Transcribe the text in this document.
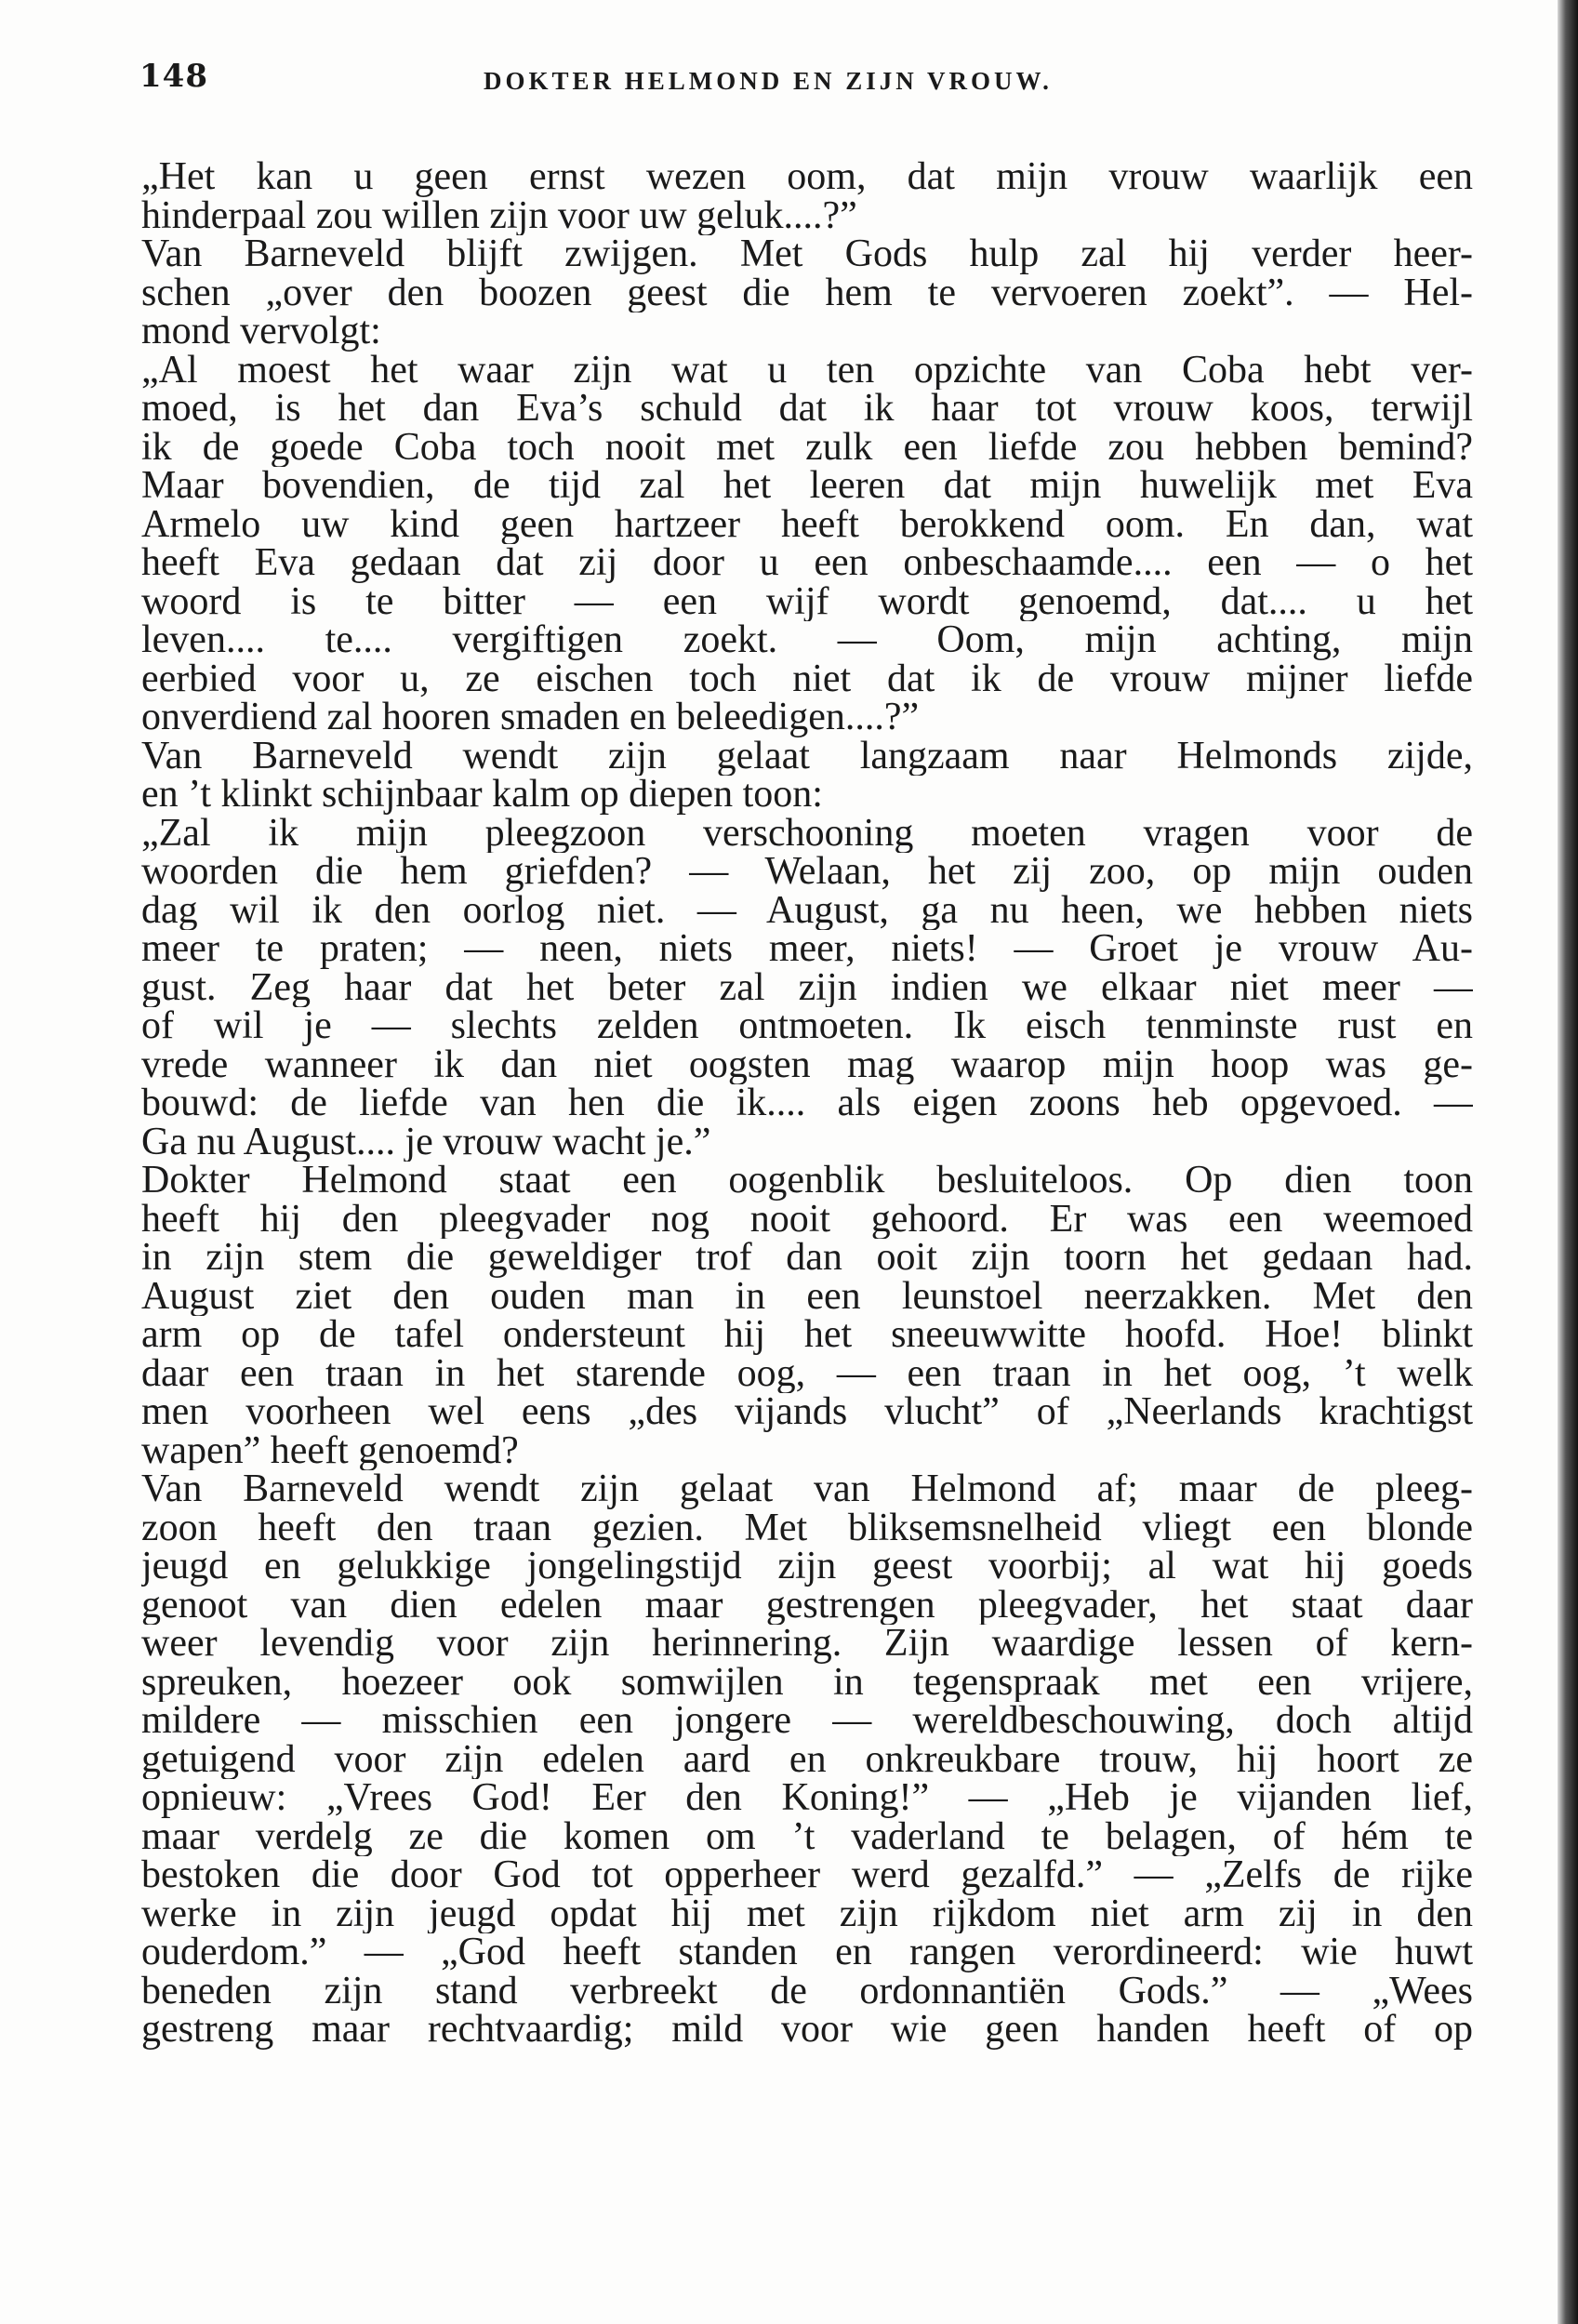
148	DOKTER HELMOND EN ZIJN VROUW.
„Het kan u geen ernst wezen oom, dat mijn vrouw waarlijk een
hinderpaal zou willen zijn voor uw geluk....?”
Van Barneveld blijft zwijgen. Met Gods hulp zal hij verder heer-
schen „over den boozen geest die hem te vervoeren zoekt”. — Hel-
mond vervolgt:
„Al moest het waar zijn wat u ten opzichte van Coba hebt ver-
moed, is het dan Eva’s schuld dat ik haar tot vrouw koos, terwijl
ik de goede Coba toch nooit met zulk een liefde zou hebben bemind?
Maar bovendien, de tijd zal het leeren dat mijn huwelijk met Eva
Armelo uw kind geen hartzeer heeft berokkend oom. En dan, wat
heeft Eva gedaan dat zij door u een onbeschaamde.... een — o het
woord is te bitter — een wijf wordt genoemd, dat.... u het
leven.... te.... vergiftigen zoekt. — Oom, mijn achting, mijn
eerbied voor u, ze eischen toch niet dat ik de vrouw mijner liefde
onverdiend zal hooren smaden en beleedigen....?”
Van Barneveld wendt zijn gelaat langzaam naar Helmonds zijde,
en ’t klinkt schijnbaar kalm op diepen toon:
„Zal ik mijn pleegzoon verschooning moeten vragen voor de
woorden die hem griefden? — Welaan, het zij zoo, op mijn ouden
dag wil ik den oorlog niet. — August, ga nu heen, we hebben niets
meer te praten; — neen, niets meer, niets! — Groet je vrouw Au-
gust. Zeg haar dat het beter zal zijn indien we elkaar niet meer —
of wil je — slechts zelden ontmoeten. Ik eisch tenminste rust en
vrede wanneer ik dan niet oogsten mag waarop mijn hoop was ge-
bouwd: de liefde van hen die ik.... als eigen zoons heb opgevoed. —
Ga nu August.... je vrouw wacht je.”
Dokter Helmond staat een oogenblik besluiteloos. Op dien toon
heeft hij den pleegvader nog nooit gehoord. Er was een weemoed
in zijn stem die geweldiger trof dan ooit zijn toorn het gedaan had.
August ziet den ouden man in een leunstoel neerzakken. Met den
arm op de tafel ondersteunt hij het sneeuwwitte hoofd. Hoe! blinkt
daar een traan in het starende oog, — een traan in het oog, ’t welk
men voorheen wel eens „des vijands vlucht” of „Neerlands krachtigst
wapen” heeft genoemd?
Van Barneveld wendt zijn gelaat van Helmond af; maar de pleeg-
zoon heeft den traan gezien. Met bliksemsnelheid vliegt een blonde
jeugd en gelukkige jongelingstijd zijn geest voorbij; al wat hij goeds
genoot van dien edelen maar gestrengen pleegvader, het staat daar
weer levendig voor zijn herinnering. Zijn waardige lessen of kern-
spreuken, hoezeer ook somwijlen in tegenspraak met een vrijere,
mildere — misschien een jongere — wereldbeschouwing, doch altijd
getuigend voor zijn edelen aard en onkreukbare trouw, hij hoort ze
opnieuw: „Vrees God! Eer den Koning!” — „Heb je vijanden lief,
maar verdelg ze die komen om ’t vaderland te belagen, of hém te
bestoken die door God tot opperheer werd gezalfd.” — „Zelfs de rijke
werke in zijn jeugd opdat hij met zijn rijkdom niet arm zij in den
ouderdom.” — „God heeft standen en rangen verordineerd: wie huwt
beneden zijn stand verbreekt de ordonnantiën Gods.” — „Wees
gestreng maar rechtvaardig; mild voor wie geen handen heeft of op
